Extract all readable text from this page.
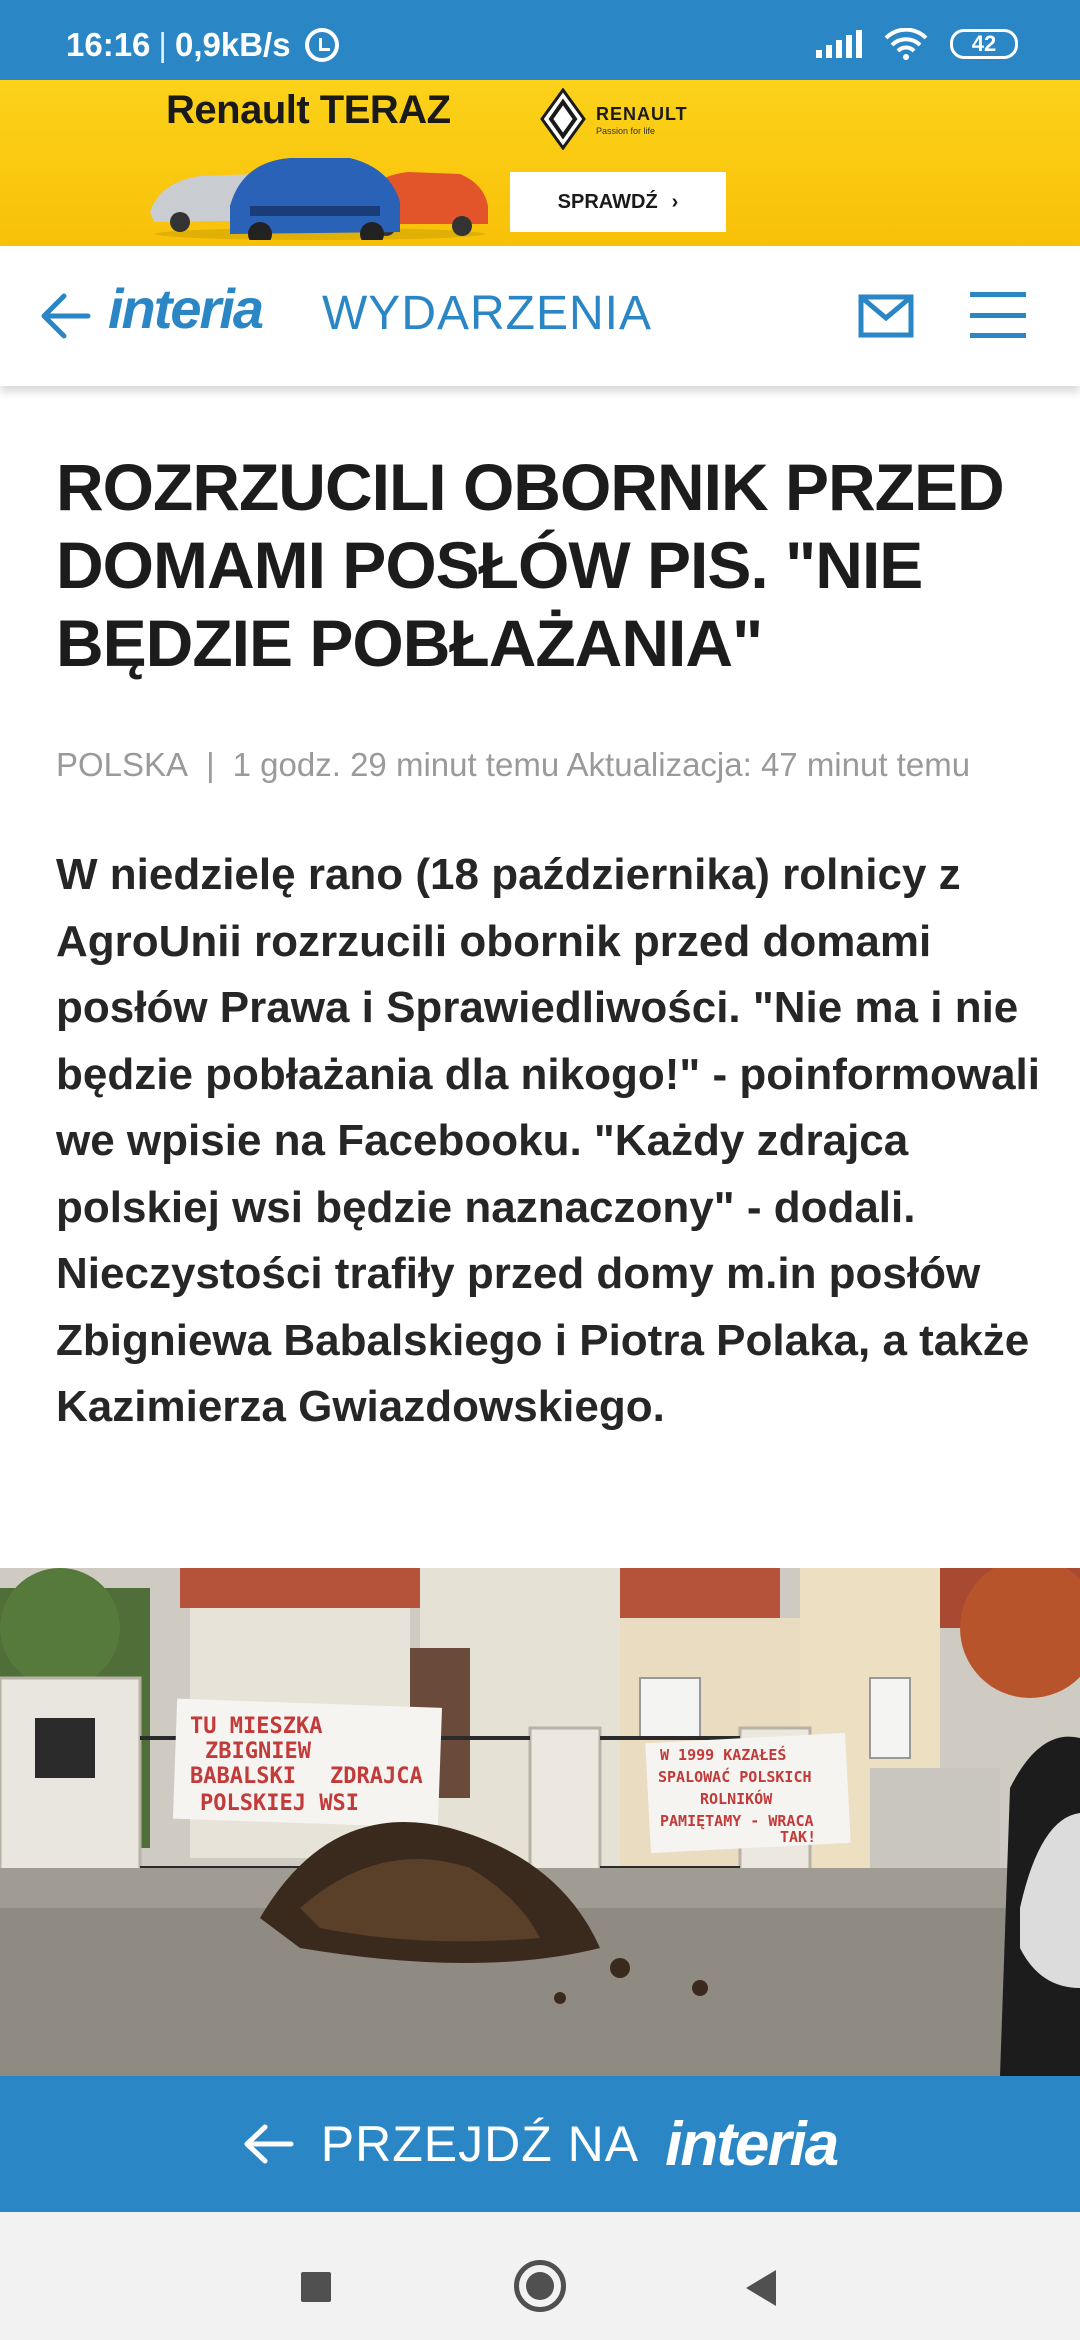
16:16 | 0,9kB/s	42
Renault TERAZ	RENAULT
Passion for life
SPRAWDŹ ›
interia WYDARZENIA
ROZRZUCILI OBORNIK PRZED DOMAMI POSŁÓW PIS. "NIE BĘDZIE POBŁAŻANIA"
POLSKA | 1 godz. 29 minut temu Aktualizacja: 47 minut temu

W niedzielę rano (18 października) rolnicy z AgroUnii rozrzucili obornik przed domami posłów Prawa i Sprawiedliwości. "Nie ma i nie będzie pobłażania dla nikogo!" - poinformowali we wpisie na Facebooku. "Każdy zdrajca polskiej wsi będzie naznaczony" - dodali. Nieczystości trafiły przed domy m.in posłów Zbigniewa Babalskiego i Piotra Polaka, a także Kazimierza Gwiazdowskiego.

TU MIESZKA
ZBIGNIEW
BABALSKI ZDRAJCA
POLSKIEJ WSI
W 1999 KAZAŁEŚ
SPALOWAĆ POLSKICH
ROLNIKÓW
PAMIĘTAMY - WRACA
TAK!
PRZEJDŹ NA interia
